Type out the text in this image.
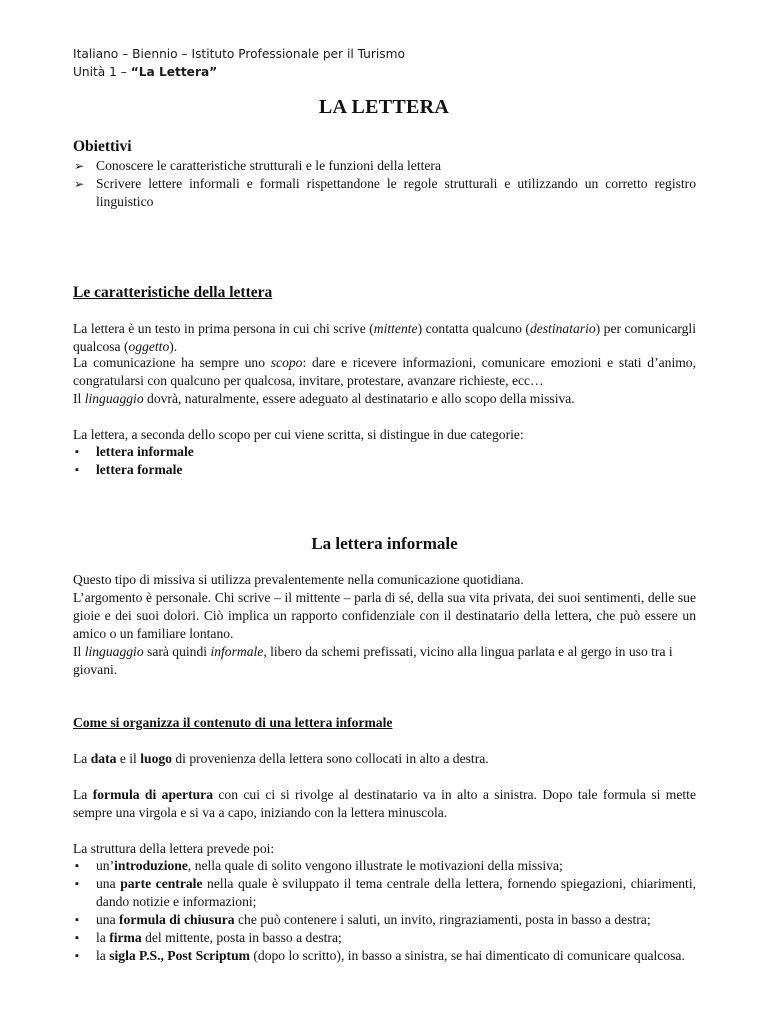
Italiano – Biennio – Istituto Professionale per il Turismo
Unità 1 – “La Lettera”
LA LETTERA
Obiettivi
➢ Conoscere le caratteristiche strutturali e le funzioni della lettera
➢ Scrivere lettere informali e formali rispettandone le regole strutturali e utilizzando un corretto registro linguistico
Le caratteristiche della lettera
La lettera è un testo in prima persona in cui chi scrive (mittente) contatta qualcuno (destinatario) per comunicargli qualcosa (oggetto).
La comunicazione ha sempre uno scopo: dare e ricevere informazioni, comunicare emozioni e stati d’animo, congratularsi con qualcuno per qualcosa, invitare, protestare, avanzare richieste, ecc…
Il linguaggio dovrà, naturalmente, essere adeguato al destinatario e allo scopo della missiva.
La lettera, a seconda dello scopo per cui viene scritta, si distingue in due categorie:
▪ lettera informale
▪ lettera formale
La lettera informale
Questo tipo di missiva si utilizza prevalentemente nella comunicazione quotidiana.
L’argomento è personale. Chi scrive – il mittente – parla di sé, della sua vita privata, dei suoi sentimenti, delle sue gioie e dei suoi dolori. Ciò implica un rapporto confidenziale con il destinatario della lettera, che può essere un amico o un familiare lontano.
Il linguaggio sarà quindi informale, libero da schemi prefissati, vicino alla lingua parlata e al gergo in uso tra i giovani.
Come si organizza il contenuto di una lettera informale
La data e il luogo di provenienza della lettera sono collocati in alto a destra.
La formula di apertura con cui ci si rivolge al destinatario va in alto a sinistra. Dopo tale formula si mette sempre una virgola e si va a capo, iniziando con la lettera minuscola.
La struttura della lettera prevede poi:
▪ un’introduzione, nella quale di solito vengono illustrate le motivazioni della missiva;
▪ una parte centrale nella quale è sviluppato il tema centrale della lettera, fornendo spiegazioni, chiarimenti, dando notizie e informazioni;
▪ una formula di chiusura che può contenere i saluti, un invito, ringraziamenti, posta in basso a destra;
▪ la firma del mittente, posta in basso a destra;
▪ la sigla P.S., Post Scriptum (dopo lo scritto), in basso a sinistra, se hai dimenticato di comunicare qualcosa.
